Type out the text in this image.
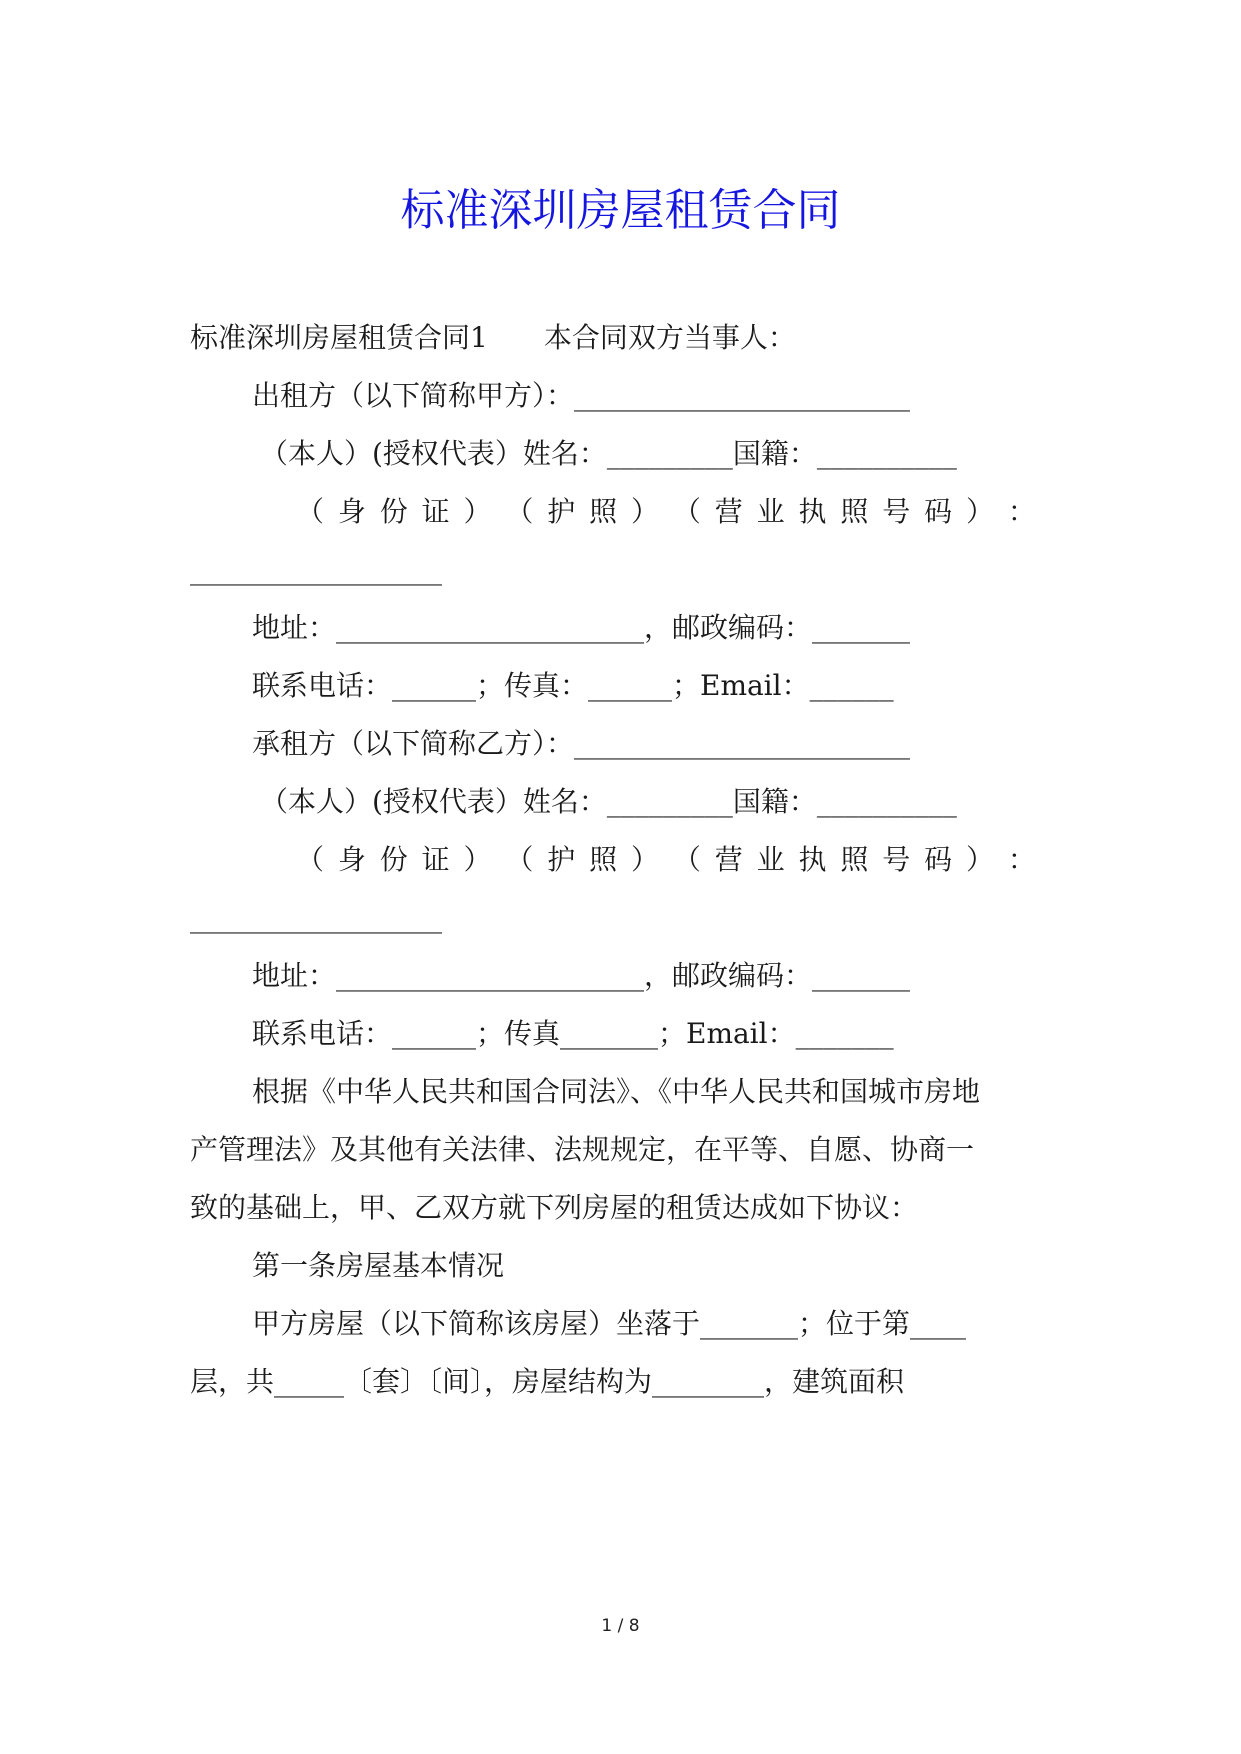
标准深圳房屋租赁合同
标准深圳房屋租赁合同1　　本合同双方当事人：
出租方（以下简称甲方）：________________________
（本人）(授权代表）姓名：_________国籍：__________
（ 身 份 证 ） （ 护 照 ） （ 营 业 执 照 号 码 ） ：
__________________
地址：______________________，邮政编码：_______
联系电话：______；传真：______；Email：______
承租方（以下简称乙方）：________________________
（本人）(授权代表）姓名：_________国籍：__________
（ 身 份 证 ） （ 护 照 ） （ 营 业 执 照 号 码 ） ：
__________________
地址：______________________，邮政编码：_______
联系电话：______；传真_______；Email：_______
根据《中华人民共和国合同法》、《中华人民共和国城市房地
产管理法》及其他有关法律、法规规定，在平等、自愿、协商一
致的基础上，甲、乙双方就下列房屋的租赁达成如下协议：
第一条房屋基本情况
甲方房屋（以下简称该房屋）坐落于_______；位于第____
层，共_____〔套〕〔间〕，房屋结构为________，建筑面积
1 / 8
